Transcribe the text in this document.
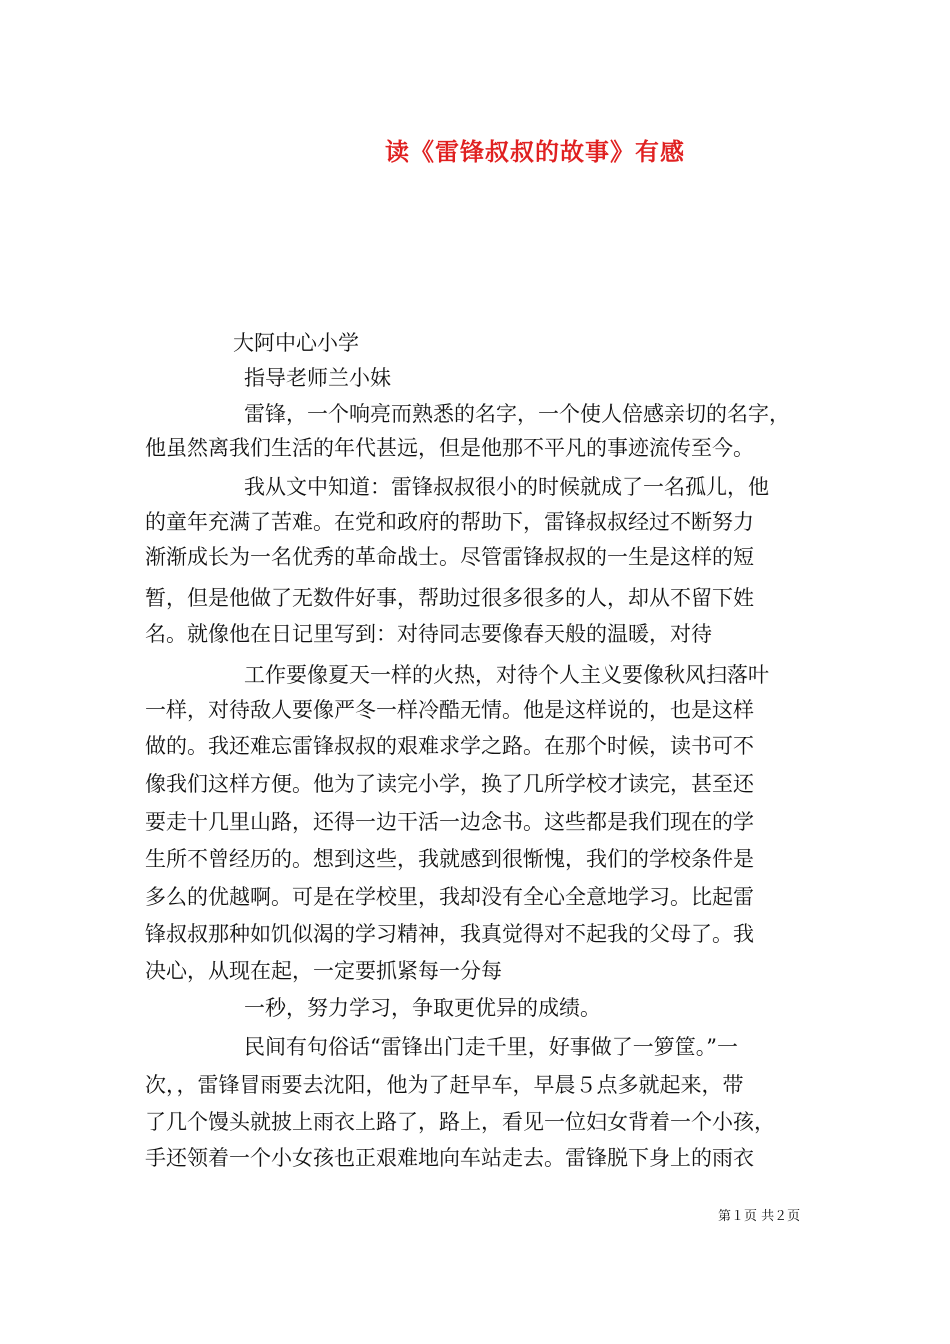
读《雷锋叔叔的故事》有感
大阿中心小学
指导老师兰小妹
雷锋，一个响亮而熟悉的名字，一个使人倍感亲切的名字，
他虽然离我们生活的年代甚远，但是他那不平凡的事迹流传至今。
我从文中知道：雷锋叔叔很小的时候就成了一名孤儿，他
的童年充满了苦难。在党和政府的帮助下，雷锋叔叔经过不断努力
渐渐成长为一名优秀的革命战士。尽管雷锋叔叔的一生是这样的短
暂，但是他做了无数件好事，帮助过很多很多的人，却从不留下姓
名。就像他在日记里写到：对待同志要像春天般的温暖，对待
工作要像夏天一样的火热，对待个人主义要像秋风扫落叶
一样，对待敌人要像严冬一样冷酷无情。他是这样说的，也是这样
做的。我还难忘雷锋叔叔的艰难求学之路。在那个时候，读书可不
像我们这样方便。他为了读完小学，换了几所学校才读完，甚至还
要走十几里山路，还得一边干活一边念书。这些都是我们现在的学
生所不曾经历的。想到这些，我就感到很惭愧，我们的学校条件是
多么的优越啊。可是在学校里，我却没有全心全意地学习。比起雷
锋叔叔那种如饥似渴的学习精神，我真觉得对不起我的父母了。我
决心，从现在起，一定要抓紧每一分每
一秒，努力学习，争取更优异的成绩。
民间有句俗话“雷锋出门走千里，好事做了一箩筐。”一
次，，雷锋冒雨要去沈阳，他为了赶早车，早晨５点多就起来，带
了几个馒头就披上雨衣上路了，路上，看见一位妇女背着一个小孩，
手还领着一个小女孩也正艰难地向车站走去。雷锋脱下身上的雨衣
第１页 共２页
